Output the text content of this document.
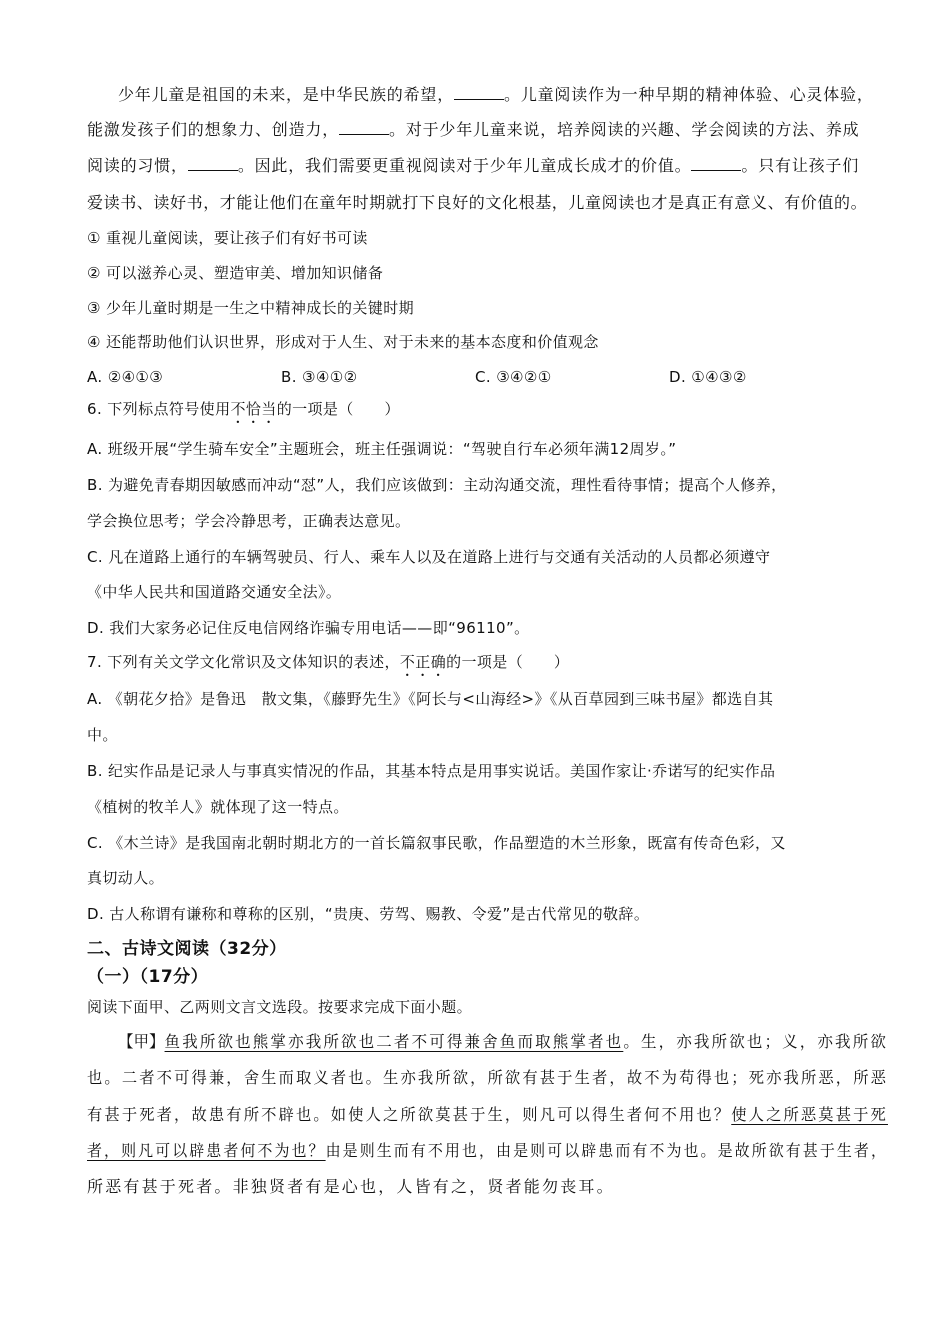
少年儿童是祖国的未来，是中华民族的希望，	。儿童阅读作为一种早期的精神体验、心灵体验，
能激发孩子们的想象力、创造力，	。对于少年儿童来说，培养阅读的兴趣、学会阅读的方法、养成
阅读的习惯，	。因此，我们需要更重视阅读对于少年儿童成长成才的价值。	。只有让孩子们
爱读书、读好书，才能让他们在童年时期就打下良好的文化根基，儿童阅读也才是真正有意义、有价值的。
① 重视儿童阅读，要让孩子们有好书可读
② 可以滋养心灵、塑造审美、增加知识储备
③ 少年儿童时期是一生之中精神成长的关键时期
④ 还能帮助他们认识世界，形成对于人生、对于未来的基本态度和价值观念
A. ②④①③	B. ③④①②	C. ③④②①	D. ①④③②
6. 下列标点符号使用不恰当的一项是（　　）
A. 班级开展“学生骑车安全”主题班会，班主任强调说：“驾驶自行车必须年满12周岁。”
B. 为避免青春期因敏感而冲动“怼”人，我们应该做到：主动沟通交流，理性看待事情；提高个人修养，
学会换位思考；学会冷静思考，正确表达意见。
C. 凡在道路上通行的车辆驾驶员、行人、乘车人以及在道路上进行与交通有关活动的人员都必须遵守
《中华人民共和国道路交通安全法》。
D. 我们大家务必记住反电信网络诈骗专用电话——即“96110”。
7. 下列有关文学文化常识及文体知识的表述，不正确的一项是（　　）
A. 《朝花夕拾》是鲁迅　散文集，《藤野先生》《阿长与<山海经>》《从百草园到三味书屋》都选自其
中。
B. 纪实作品是记录人与事真实情况的作品，其基本特点是用事实说话。美国作家让·乔诺写的纪实作品
《植树的牧羊人》就体现了这一特点。
C. 《木兰诗》是我国南北朝时期北方的一首长篇叙事民歌，作品塑造的木兰形象，既富有传奇色彩，又
真切动人。
D. 古人称谓有谦称和尊称的区别，“贵庚、劳驾、赐教、令爱”是古代常见的敬辞。
二、古诗文阅读（32分）
（一）（17分）
阅读下面甲、乙两则文言文选段。按要求完成下面小题。
【甲】鱼我所欲也熊掌亦我所欲也二者不可得兼舍鱼而取熊掌者也。生，亦我所欲也；义，亦我所欲
也。二者不可得兼，舍生而取义者也。生亦我所欲，所欲有甚于生者，故不为苟得也；死亦我所恶，所恶
有甚于死者，故患有所不辟也。如使人之所欲莫甚于生，则凡可以得生者何不用也？使人之所恶莫甚于死
者，则凡可以辟患者何不为也？由是则生而有不用也，由是则可以辟患而有不为也。是故所欲有甚于生者，
所恶有甚于死者。非独贤者有是心也，人皆有之，贤者能勿丧耳。
